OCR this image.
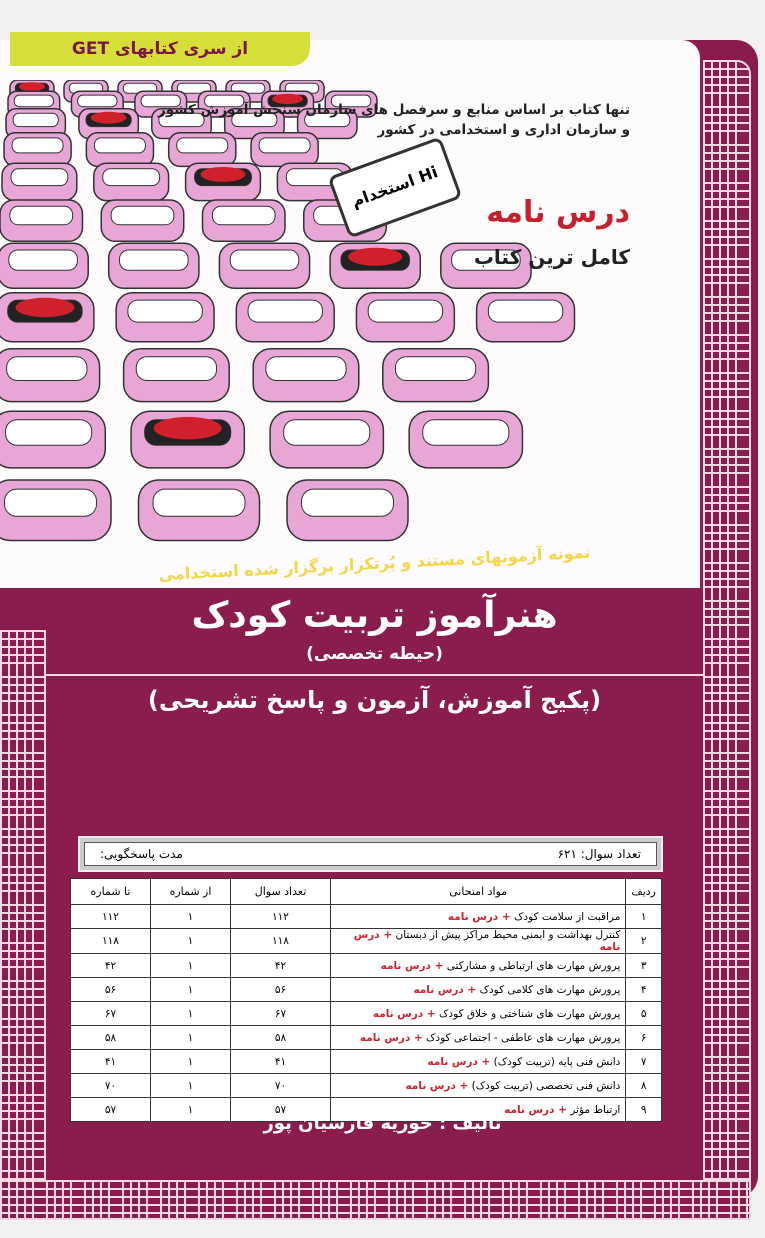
تنها کتاب بر اساس منابع و سرفصل های سازمان سنجش آموزش کشور
و سازمان اداری و استخدامی در کشور
Hi استخدام
درس نامه
کامل ترین کتاب
از سری کتابهای GET
نمونه آزمونهای مستند و پُرتکرار برگزار شده استخدامی
هنرآموز تربیت کودک
(حیطه تخصصی)
(پکیج آموزش، آزمون و پاسخ تشریحی)
تعداد سوال: ۶۲۱
مدت پاسخگویی:
ردیف	مواد امتحانی	تعداد سوال	از شماره	تا شماره
۱	مراقبت از سلامت کودک + درس نامه	۱۱۲	۱	۱۱۲
۲	کنترل بهداشت و ایمنی محیط مراکز پیش از دبستان + درس نامه	۱۱۸	۱	۱۱۸
۳	پرورش مهارت های ارتباطی و مشارکتی + درس نامه	۴۲	۱	۴۲
۴	پرورش مهارت های کلامی کودک + درس نامه	۵۶	۱	۵۶
۵	پرورش مهارت های شناختی و خلاق کودک + درس نامه	۶۷	۱	۶۷
۶	پرورش مهارت های عاطفی - اجتماعی کودک + درس نامه	۵۸	۱	۵۸
۷	دانش فنی پایه (تربیت کودک) + درس نامه	۴۱	۱	۴۱
۸	دانش فنی تخصصی (تربیت کودک) + درس نامه	۷۰	۱	۷۰
۹	ارتباط مؤثر + درس نامه	۵۷	۱	۵۷
تألیف : حوریه فارسیان پور
